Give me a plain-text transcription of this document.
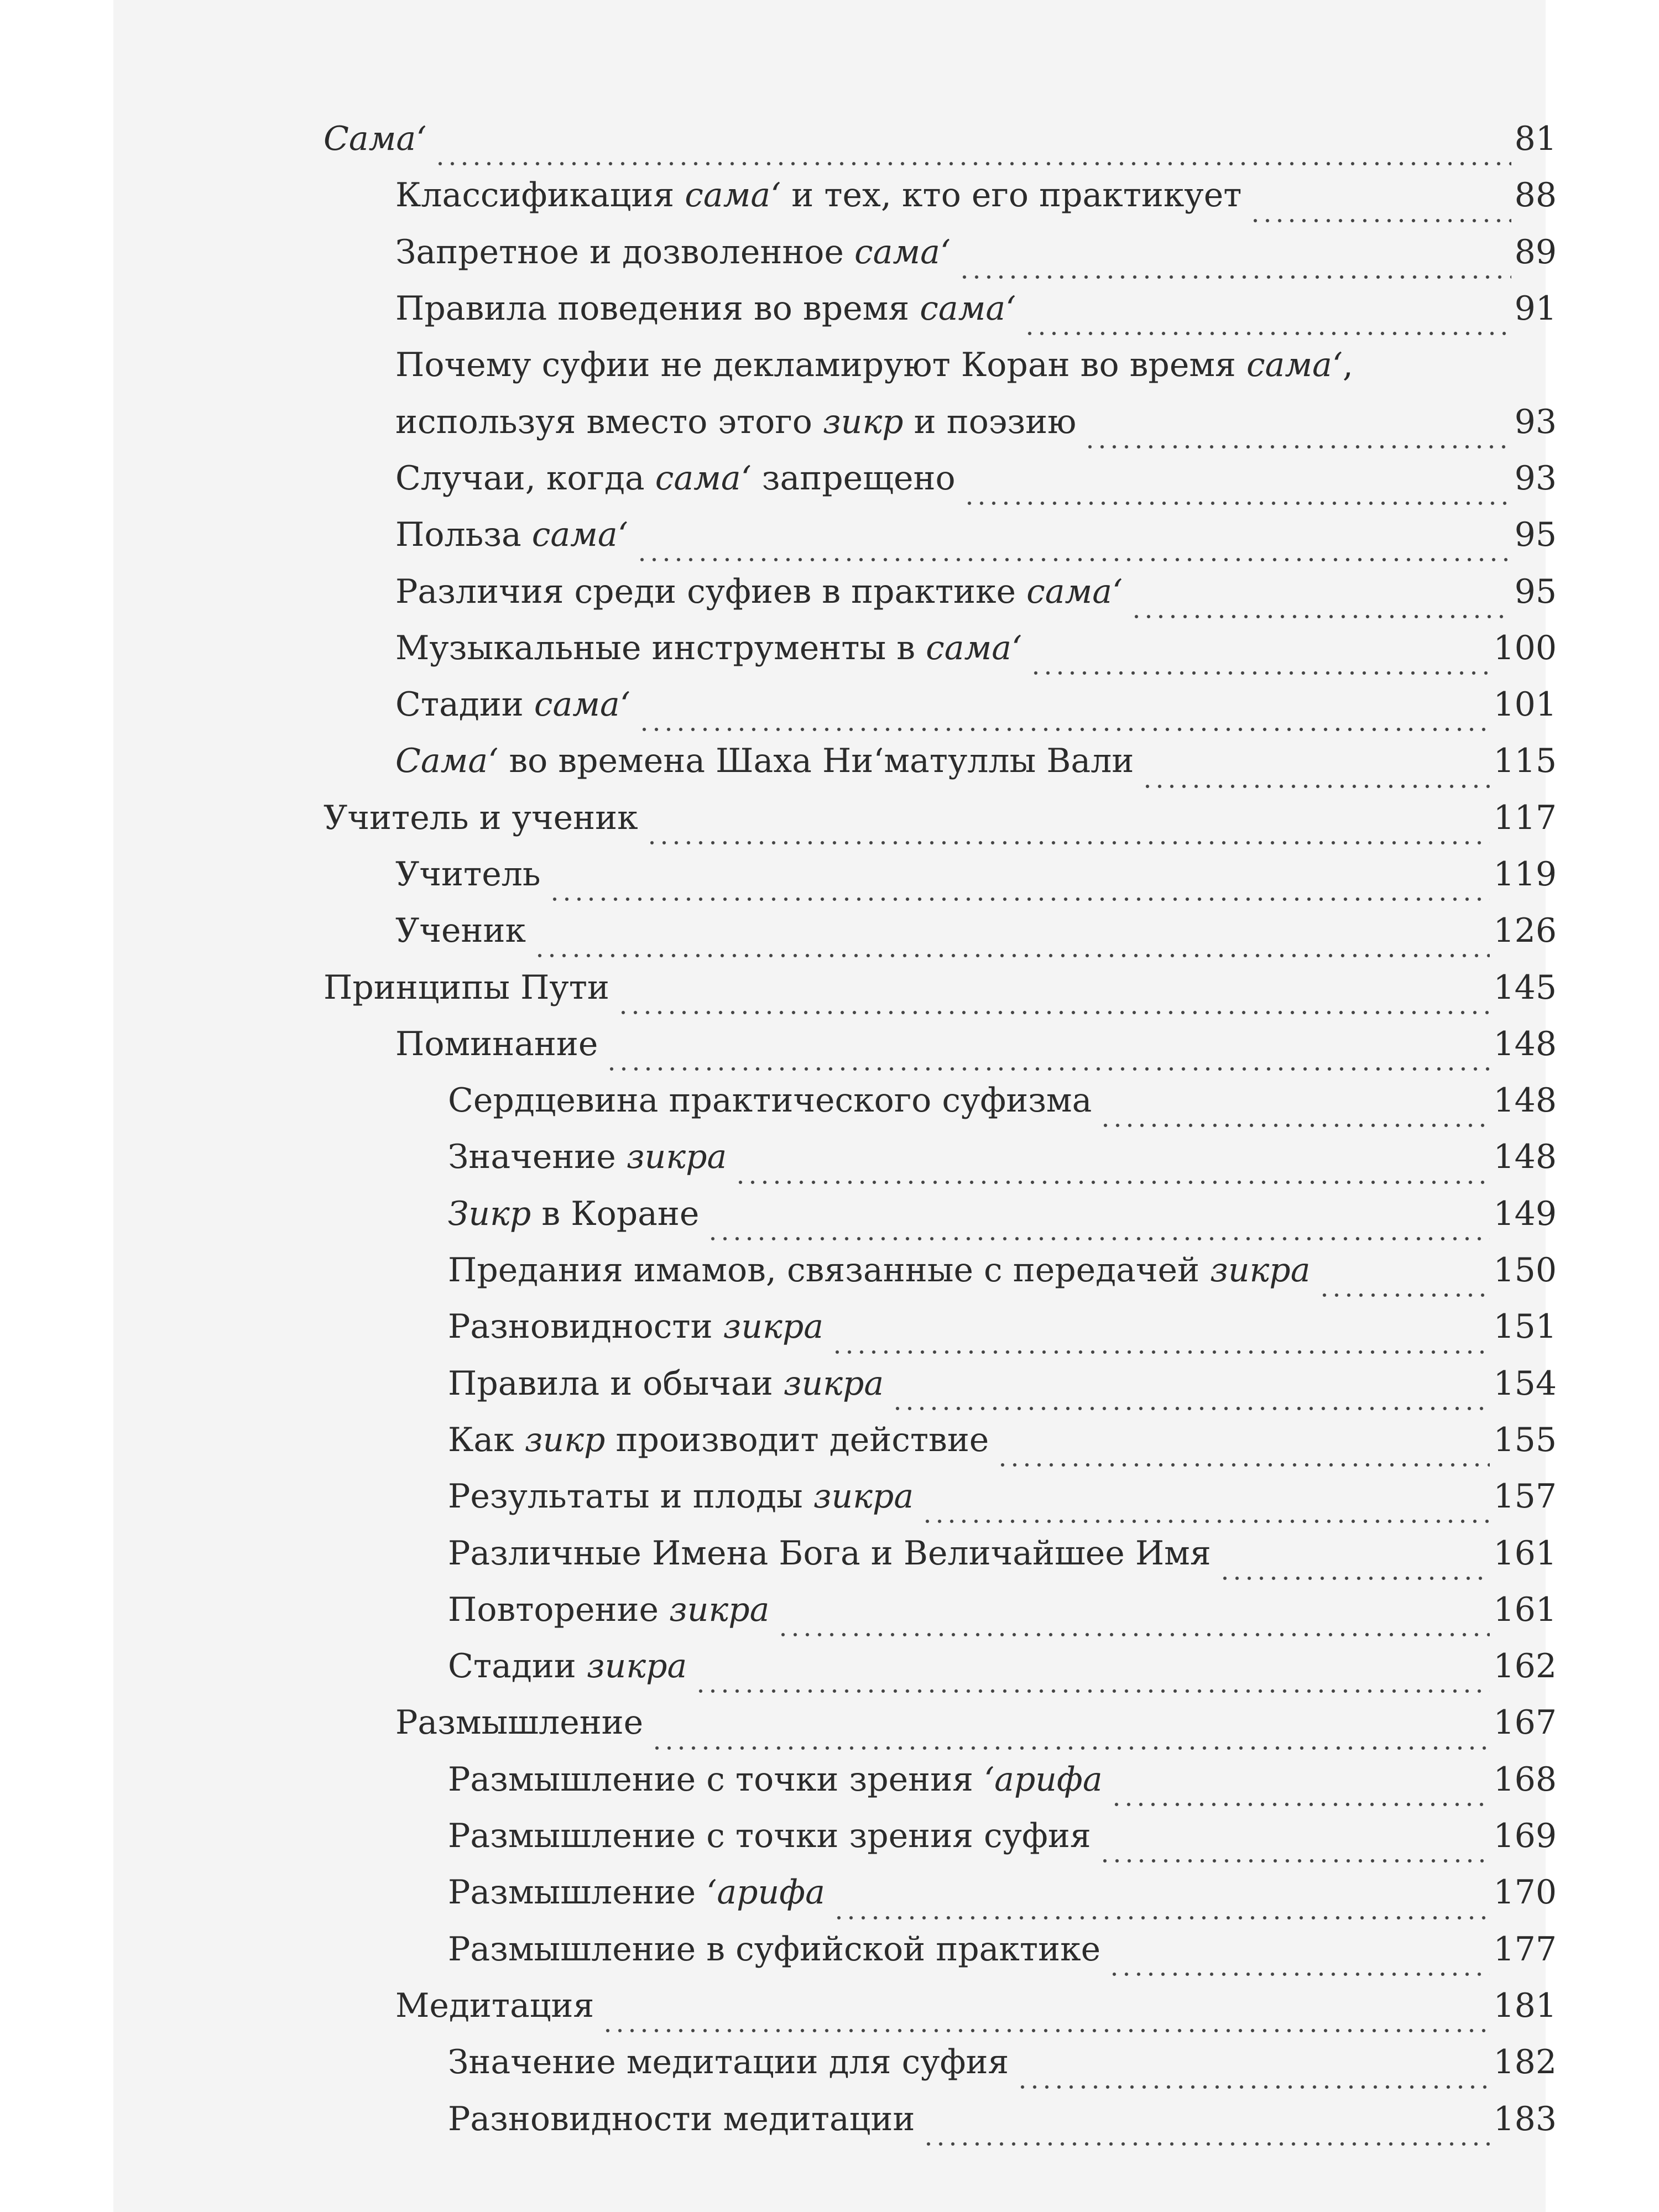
Сама‘	81
Классификация сама‘ и тех, кто его практикует	88
Запретное и дозволенное сама‘	89
Правила поведения во время сама‘	91
Почему суфии не декламируют Коран во время сама‘,
используя вместо этого зикр и поэзию	93
Случаи, когда сама‘ запрещено	93
Польза сама‘	95
Различия среди суфиев в практике сама‘	95
Музыкальные инструменты в сама‘	100
Стадии сама‘	101
Сама‘ во времена Шаха Ни‘матуллы Вали	115
Учитель и ученик	117
Учитель	119
Ученик	126
Принципы Пути	145
Поминание	148
Сердцевина практического суфизма	148
Значение зикра	148
Зикр в Коране	149
Предания имамов, связанные с передачей зикра	150
Разновидности зикра	151
Правила и обычаи зикра	154
Как зикр производит действие	155
Результаты и плоды зикра	157
Различные Имена Бога и Величайшее Имя	161
Повторение зикра	161
Стадии зикра	162
Размышление	167
Размышление с точки зрения ‘арифа	168
Размышление с точки зрения суфия	169
Размышление ‘арифа	170
Размышление в суфийской практике	177
Медитация	181
Значение медитации для суфия	182
Разновидности медитации	183
